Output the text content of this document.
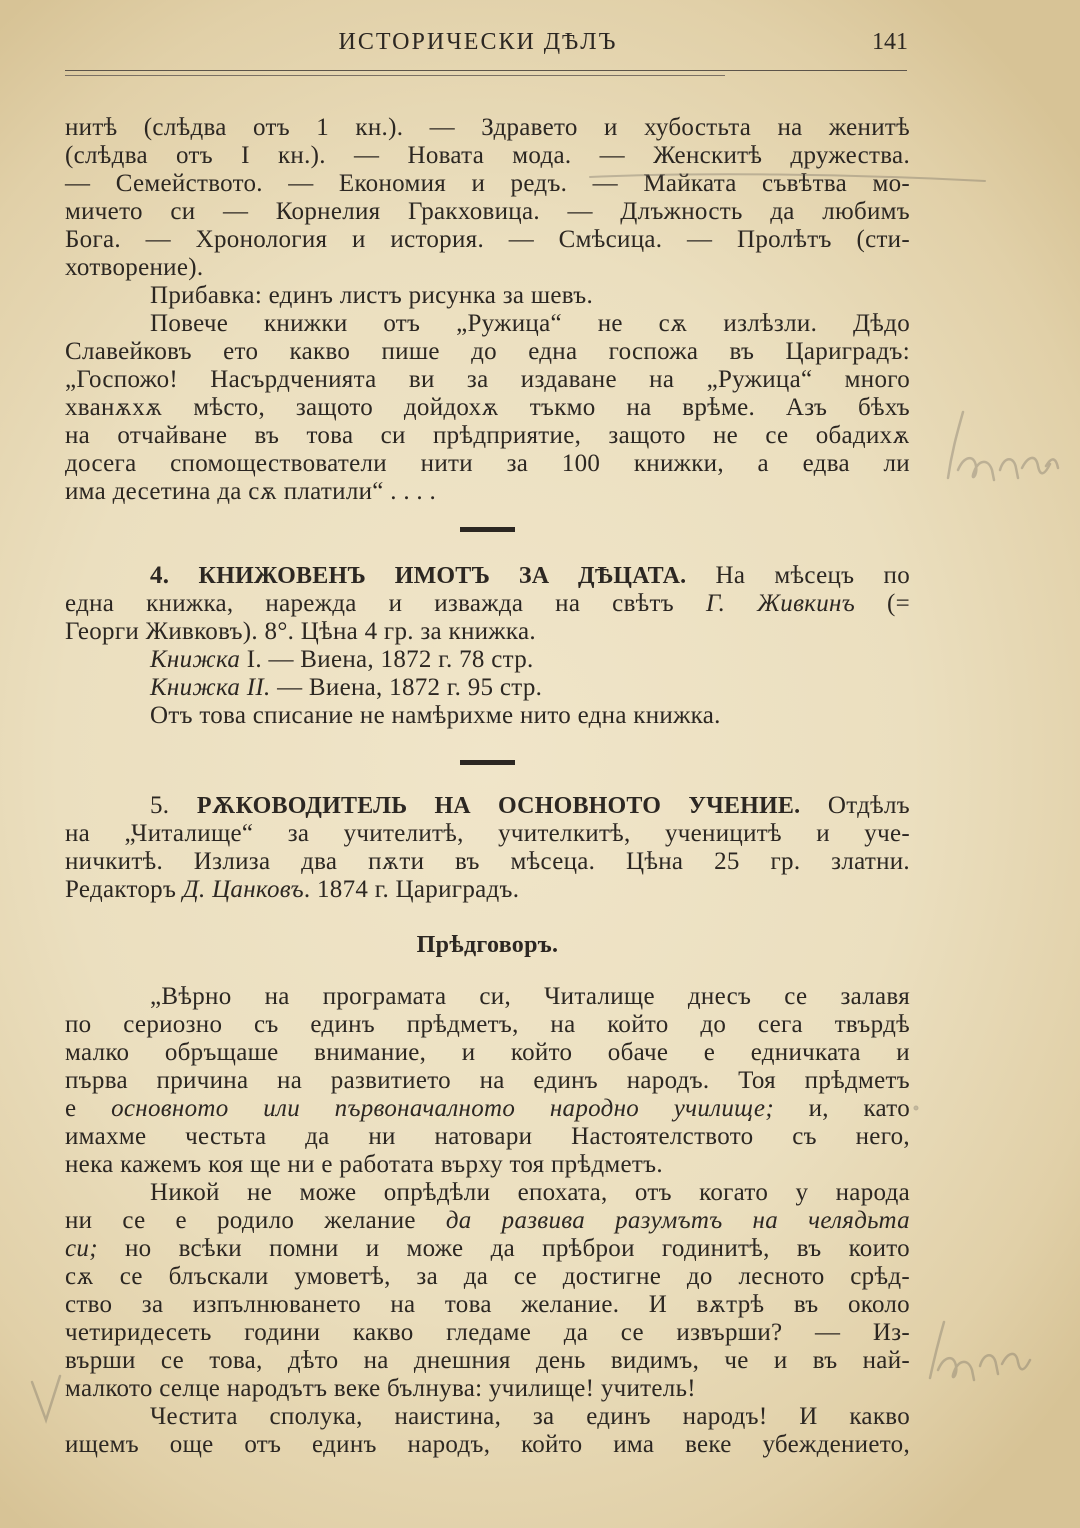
ИСТОРИЧЕСКИ ДѢЛЪ	141
нитѣ (слѣдва отъ 1 кн.). — Здравето и хубостьта на женитѣ
(слѣдва отъ I кн.). — Новата мода. — Женскитѣ дружества.
— Семейството. — Економия и редъ. — Майката съвѣтва мо-
мичето си — Корнелия Гракховица. — Длъжность да любимъ
Бога. — Хронология и история. — Смѣсица. — Пролѣтъ (сти-
хотворение).
Прибавка: единъ листъ рисунка за шевъ.
Повече книжки отъ „Ружица“ не сѫ излѣзли. Дѣдо
Славейковъ ето какво пише до една госпожа въ Цариградъ:
„Госпожо! Насърдченията ви за издаване на „Ружица“ много
хванѫхѫ мѣсто, защото дойдохѫ тъкмо на врѣме. Азъ бѣхъ
на отчайване въ това си прѣдприятие, защото не се обадихѫ
досега спомоществователи нити за 100 книжки, а едва ли
има десетина да сѫ платили“ . . . .
4. КНИЖОВЕНЪ ИМОТЪ ЗА ДѢЦАТА. На мѣсецъ по
една книжка, нарежда и изважда на свѣтъ Г. Живкинъ (=
Георги Живковъ). 8°. Цѣна 4 гр. за книжка.
Книжка I. — Виена, 1872 г. 78 стр.
Книжка II. — Виена, 1872 г. 95 стр.
Отъ това списание не намѣрихме нито една книжка.
5. РѪКОВОДИТЕЛЬ НА ОСНОВНОТО УЧЕНИЕ. Отдѣлъ
на „Читалище“ за учителитѣ, учителкитѣ, ученицитѣ и уче-
ничкитѣ. Излиза два пѫти въ мѣсеца. Цѣна 25 гр. златни.
Редакторъ Д. Цанковъ. 1874 г. Цариградъ.
Прѣдговоръ.
„Вѣрно на програмата си, Читалище днесъ се залавя
по сериозно съ единъ прѣдметъ, на който до сега твърдѣ
малко обръщаше внимание, и който обаче е едничката и
първа причина на развитието на единъ народъ. Тоя прѣдметъ
е основното или първоначалното народно училище; и, като
имахме честьта да ни натовари Настоятелството съ него,
нека кажемъ коя ще ни е работата върху тоя прѣдметъ.
Никой не може опрѣдѣли епохата, отъ когато у народа
ни се е родило желание да развива разумътъ на челядьта
си; но всѣки помни и може да прѣброи годинитѣ, въ които
сѫ се блъскали умоветѣ, за да се достигне до лесното срѣд-
ство за изпълнюването на това желание. И вѫтрѣ въ около
четиридесеть години какво гледаме да се извърши? — Из-
върши се това, дѣто на днешния день видимъ, че и въ най-
малкото селце народътъ веке бълнува: училище! учитель!
Честита сполука, наистина, за единъ народъ! И какво
ищемъ още отъ единъ народъ, който има веке убеждението,
